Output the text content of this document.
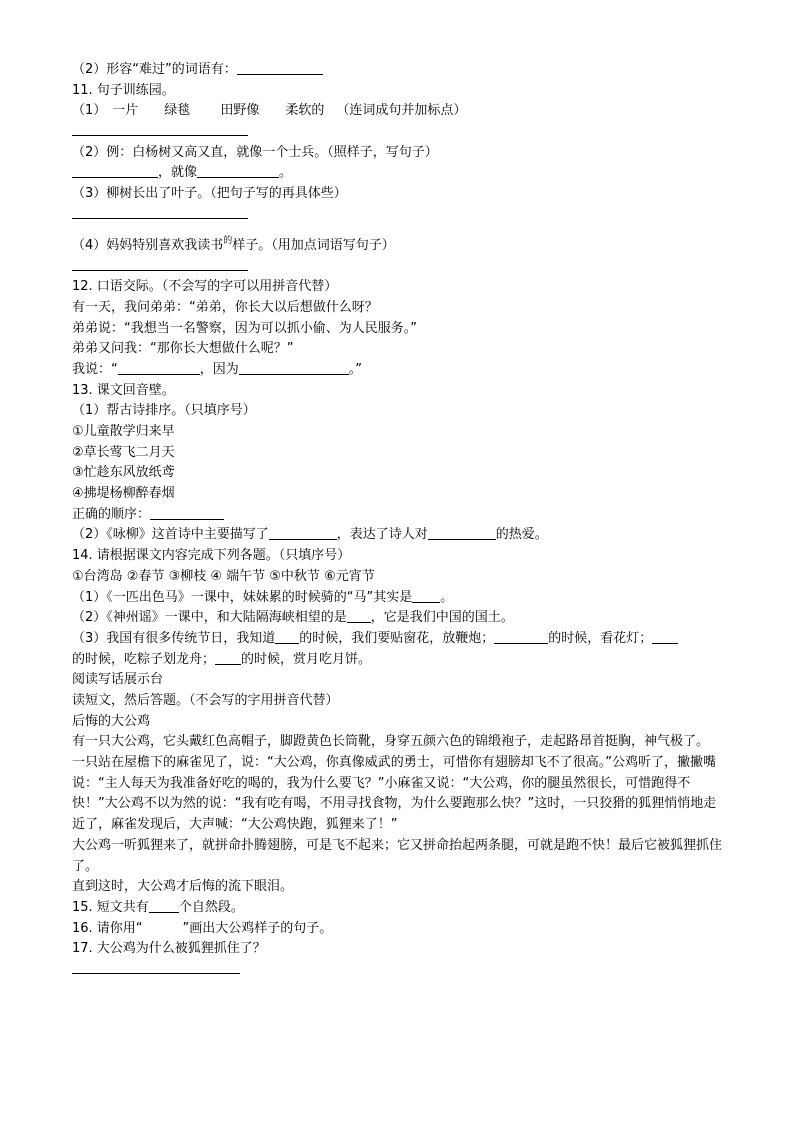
（2）形容“难过”的词语有：
11. 句子训练园。
（1） 一片 绿毯 田野像 柔软的 （连词成句并加标点）
（2）例：白杨树又高又直，就像一个士兵。（照样子，写句子）
，就像	。
（3）柳树长出了叶子。（把句子写的再具体些）
（4）妈妈特别喜欢我读书$^的$样子。（用加点词语写句子）
12. 口语交际。（不会写的字可以用拼音代替）
有一天，我问弟弟：“弟弟，你长大以后想做什么呀？
弟弟说：“我想当一名警察，因为可以抓小偷、为人民服务。”
弟弟又问我：“那你长大想做什么呢？”
我说：“	，因为	。”
13. 课文回音壁。
（1）帮古诗排序。（只填序号）
①儿童散学归来早
②草长莺飞二月天
③忙趁东风放纸鸢
④拂堤杨柳醉春烟
正确的顺序：
（2）《咏柳》这首诗中主要描写了	，表达了诗人对	的热爱。
14. 请根据课文内容完成下列各题。（只填序号）
①台湾岛 ②春节 ③柳枝 ④ 端午节 ⑤中秋节 ⑥元宵节
（1）《一匹出色马》一课中，妹妹累的时候骑的“马”其实是 。
（2）《神州谣》一课中，和大陆隔海峡相望的是 ，它是我们中国的国土。
（3）我国有很多传统节日，我知道 的时候，我们要贴窗花，放鞭炮；	的时候，看花灯；
的时候，吃粽子划龙舟； 的时候，赏月吃月饼。
阅读写话展示台
读短文，然后答题。（不会写的字用拼音代替）
后悔的大公鸡
有一只大公鸡，它头戴红色高帽子，脚蹬黄色长筒靴，身穿五颜六色的锦缎袍子，走起路昂首挺胸，神气极了。
一只站在屋檐下的麻雀见了，说：“大公鸡，你真像威武的勇士，可惜你有翅膀却飞不了很高。”公鸡听了，撇撇嘴说：“主人每天为我准备好吃的喝的，我为什么要飞？”小麻雀又说：“大公鸡，你的腿虽然很长，可惜跑得不快！”大公鸡不以为然的说：“我有吃有喝，不用寻找食物，为什么要跑那么快？”这时，一只狡猾的狐狸悄悄地走近了，麻雀发现后，大声喊：“大公鸡快跑，狐狸来了！”
大公鸡一听狐狸来了，就拼命扑腾翅膀，可是飞不起来；它又拼命抬起两条腿，可就是跑不快！最后它被狐狸抓住了。
直到这时，大公鸡才后悔的流下眼泪。
15. 短文共有 个自然段。
16. 请你用“	”画出大公鸡样子的句子。
17. 大公鸡为什么被狐狸抓住了？
